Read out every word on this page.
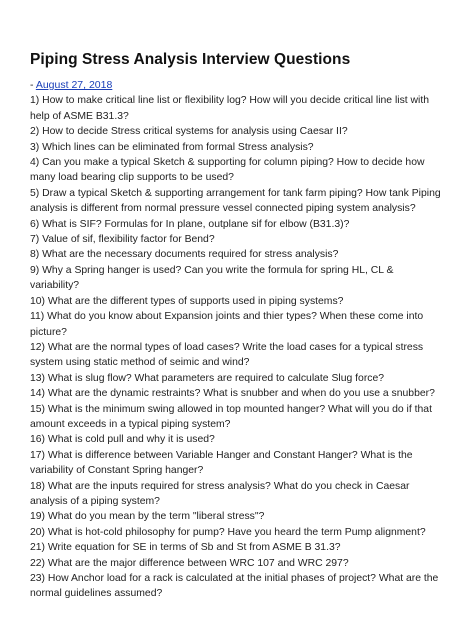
Piping Stress Analysis Interview Questions

- August 27, 2018

1) How to make critical line list or flexibility log? How will you decide critical line list with help of ASME B31.3?
2) How to decide Stress critical systems for analysis using Caesar II?
3) Which lines can be eliminated from formal Stress analysis?
4) Can you make a typical Sketch & supporting for column piping? How to decide how many load bearing clip supports to be used?
5) Draw a typical Sketch & supporting arrangement for tank farm piping? How tank Piping analysis is different from normal pressure vessel connected piping system analysis?
6) What is SIF? Formulas for In plane, outplane sif for elbow (B31.3)?
7) Value of sif, flexibility factor for Bend?
8) What are the necessary documents required for stress analysis?
9) Why a Spring hanger is used? Can you write the formula for spring HL, CL & variability?
10) What are the different types of supports used in piping systems?
11) What do you know about Expansion joints and thier types? When these come into picture?
12) What are the normal types of load cases? Write the load cases for a typical stress system using static method of seimic and wind?
13) What is slug flow? What parameters are required to calculate Slug force?
14) What are the dynamic restraints? What is snubber and when do you use a snubber?
15) What is the minimum swing allowed in top mounted hanger? What will you do if that amount exceeds in a typical piping system?
16) What is cold pull and why it is used?
17) What is difference between Variable Hanger and Constant Hanger? What is the variability of Constant Spring hanger?
18) What are the inputs required for stress analysis? What do you check in Caesar analysis of a piping system?
19) What do you mean by the term "liberal stress"?
20) What is hot-cold philosophy for pump? Have you heard the term Pump alignment?
21) Write equation for SE in terms of Sb and St from ASME B 31.3?
22) What are the major difference between WRC 107 and WRC 297?
23) How Anchor load for a rack is calculated at the initial phases of project? What are the normal guidelines assumed?
